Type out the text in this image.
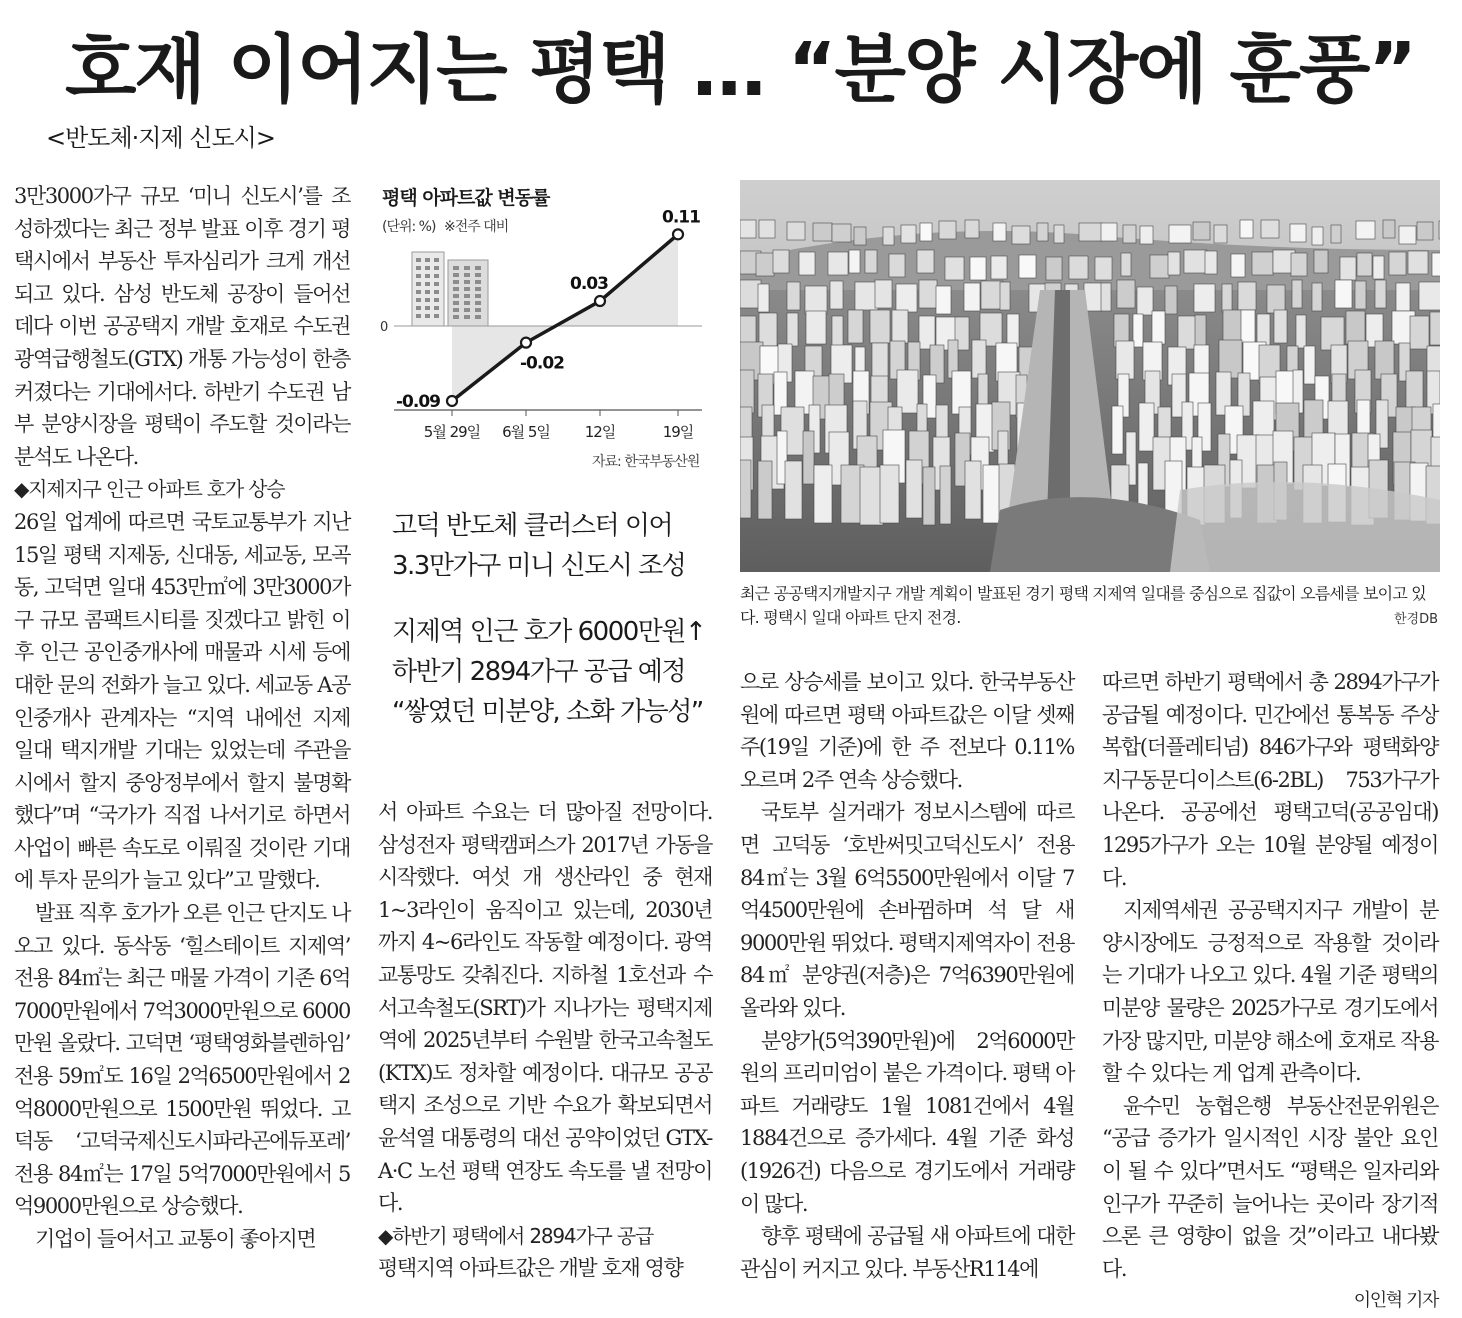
호재 이어지는 평택 … “분양 시장에 훈풍”
<반도체·지제 신도시>

3만3000가구 규모 ‘미니 신도시’를 조성하겠다는 최근 정부 발표 이후 경기 평택시에서 부동산 투자심리가 크게 개선되고 있다. 삼성 반도체 공장이 들어선 데다 이번 공공택지 개발 호재로 수도권광역급행철도(GTX) 개통 가능성이 한층 커졌다는 기대에서다. 하반기 수도권 남부 분양시장을 평택이 주도할 것이라는 분석도 나온다.

◆지제지구 인근 아파트 호가 상승

26일 업계에 따르면 국토교통부가 지난 15일 평택 지제동, 신대동, 세교동, 모곡동, 고덕면 일대 453만㎡에 3만3000가구 규모 콤팩트시티를 짓겠다고 밝힌 이후 인근 공인중개사에 매물과 시세 등에 대한 문의 전화가 늘고 있다. 세교동 A공인중개사 관계자는 “지역 내에선 지제 일대 택지개발 기대는 있었는데 주관을 시에서 할지 중앙정부에서 할지 불명확했다”며 “국가가 직접 나서기로 하면서 사업이 빠른 속도로 이뤄질 것이란 기대에 투자 문의가 늘고 있다”고 말했다.

발표 직후 호가가 오른 인근 단지도 나오고 있다. 동삭동 ‘힐스테이트 지제역’ 전용 84㎡는 최근 매물 가격이 기존 6억7000만원에서 7억3000만원으로 6000만원 올랐다. 고덕면 ‘평택영화블렌하임’ 전용 59㎡도 16일 2억6500만원에서 2억8000만원으로 1500만원 뛰었다. 고덕동 ‘고덕국제신도시파라곤에듀포레’ 전용 84㎡는 17일 5억7000만원에서 5억9000만원으로 상승했다.

기업이 들어서고 교통이 좋아지면

평택 아파트값 변동률
(단위: %) ※전주 대비
0
-0.09
5월 29일
-0.02
6월 5일
0.03
12일
0.11
19일
자료: 한국부동산원
고덕 반도체 클러스터 이어
3.3만가구 미니 신도시 조성
지제역 인근 호가 6000만원↑
하반기 2894가구 공급 예정
“쌓였던 미분양, 소화 가능성”

서 아파트 수요는 더 많아질 전망이다. 삼성전자 평택캠퍼스가 2017년 가동을 시작했다. 여섯 개 생산라인 중 현재 1~3라인이 움직이고 있는데, 2030년까지 4~6라인도 작동할 예정이다. 광역교통망도 갖춰진다. 지하철 1호선과 수서고속철도(SRT)가 지나가는 평택지제역에 2025년부터 수원발 한국고속철도(KTX)도 정차할 예정이다. 대규모 공공택지 조성으로 기반 수요가 확보되면서 윤석열 대통령의 대선 공약이었던 GTX-A·C 노선 평택 연장도 속도를 낼 전망이다.

◆하반기 평택에서 2894가구 공급

평택지역 아파트값은 개발 호재 영향

최근 공공택지개발지구 개발 계획이 발표된 경기 평택 지제역 일대를 중심으로 집값이 오름세를 보이고 있다. 평택시 일대 아파트 단지 전경.	한경DB

으로 상승세를 보이고 있다. 한국부동산원에 따르면 평택 아파트값은 이달 셋째주(19일 기준)에 한 주 전보다 0.11% 오르며 2주 연속 상승했다.

국토부 실거래가 정보시스템에 따르면 고덕동 ‘호반써밋고덕신도시’ 전용 84㎡는 3월 6억5500만원에서 이달 7억4500만원에 손바뀜하며 석 달 새 9000만원 뛰었다. 평택지제역자이 전용 84㎡ 분양권(저층)은 7억6390만원에 올라와 있다.

분양가(5억390만원)에 2억6000만원의 프리미엄이 붙은 가격이다. 평택 아파트 거래량도 1월 1081건에서 4월 1884건으로 증가세다. 4월 기준 화성(1926건) 다음으로 경기도에서 거래량이 많다.

향후 평택에 공급될 새 아파트에 대한 관심이 커지고 있다. 부동산R114에

따르면 하반기 평택에서 총 2894가구가 공급될 예정이다. 민간에선 통복동 주상복합(더플레티넘) 846가구와 평택화양지구동문디이스트(6-2BL) 753가구가 나온다. 공공에선 평택고덕(공공임대) 1295가구가 오는 10월 분양될 예정이다.

지제역세권 공공택지지구 개발이 분양시장에도 긍정적으로 작용할 것이라는 기대가 나오고 있다. 4월 기준 평택의 미분양 물량은 2025가구로 경기도에서 가장 많지만, 미분양 해소에 호재로 작용할 수 있다는 게 업계 관측이다.

윤수민 농협은행 부동산전문위원은 “공급 증가가 일시적인 시장 불안 요인이 될 수 있다”면서도 “평택은 일자리와 인구가 꾸준히 늘어나는 곳이라 장기적으론 큰 영향이 없을 것”이라고 내다봤다.

이인혁 기자
